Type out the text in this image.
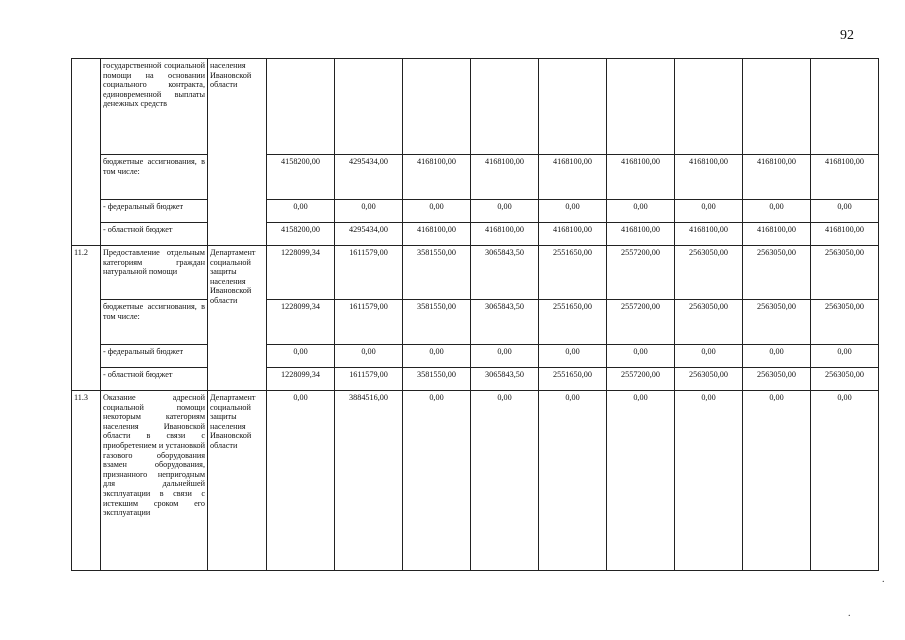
92
	государственной социальной помощи на основании социального контракта, единовременной выплаты денежных средств	населения Ивановской области									
	бюджетные ассигнования, в том числе:		4158200,00	4295434,00	4168100,00	4168100,00	4168100,00	4168100,00	4168100,00	4168100,00	4168100,00
	- федеральный бюджет		0,00	0,00	0,00	0,00	0,00	0,00	0,00	0,00	0,00
	- областной бюджет		4158200,00	4295434,00	4168100,00	4168100,00	4168100,00	4168100,00	4168100,00	4168100,00	4168100,00
11.2	Предоставление отдельным категориям граждан натуральной помощи	Департамент социальной защиты населения Ивановской области	1228099,34	1611579,00	3581550,00	3065843,50	2551650,00	2557200,00	2563050,00	2563050,00	2563050,00
	бюджетные ассигнования, в том числе:		1228099,34	1611579,00	3581550,00	3065843,50	2551650,00	2557200,00	2563050,00	2563050,00	2563050,00
	- федеральный бюджет		0,00	0,00	0,00	0,00	0,00	0,00	0,00	0,00	0,00
	- областной бюджет		1228099,34	1611579,00	3581550,00	3065843,50	2551650,00	2557200,00	2563050,00	2563050,00	2563050,00
11.3	Оказание адресной социальной помощи некоторым категориям населения Ивановской области в связи с приобретением и установкой газового оборудования взамен оборудования, признанного непригодным для дальнейшей эксплуатации в связи с истекшим сроком его эксплуатации	Департамент социальной защиты населения Ивановской области	0,00	3884516,00	0,00	0,00	0,00	0,00	0,00	0,00	0,00
.
.
